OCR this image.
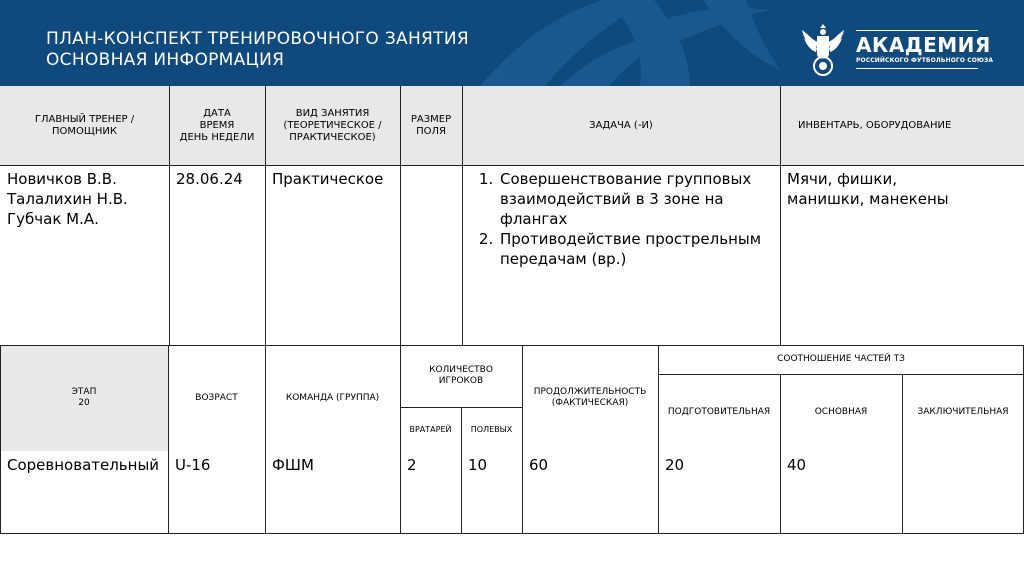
ПЛАН-КОНСПЕКТ ТРЕНИРОВОЧНОГО ЗАНЯТИЯ
ОСНОВНАЯ ИНФОРМАЦИЯ
АКАДЕМИЯ
РОССИЙСКОГО ФУТБОЛЬНОГО СОЮЗА
ГЛАВНЫЙ ТРЕНЕР / ПОМОЩНИК
ДАТА
ВРЕМЯ
ДЕНЬ НЕДЕЛИ
ВИД ЗАНЯТИЯ
(ТЕОРЕТИЧЕСКОЕ /
ПРАКТИЧЕСКОЕ)
РАЗМЕР
ПОЛЯ
ЗАДАЧА (-И)	ИНВЕНТАРЬ, ОБОРУДОВАНИЕ
Новичков В.В.
Талалихин Н.В.
Губчак М.А.
28.06.24	Практическое
1.	Совершенствование групповых взаимодействий в 3 зоне на флангах
2. Противодействие прострельным передачам (вр.)
Мячи, фишки, манишки, манекены
ЭТАП
20
ВОЗРАСТ	КОМАНДА (ГРУППА)
КОЛИЧЕСТВО ИГРОКОВ
ВРАТАРЕЙ ПОЛЕВЫХ
ПРОДОЛЖИТЕЛЬНОСТЬ
(ФАКТИЧЕСКАЯ)
СООТНОШЕНИЕ ЧАСТЕЙ ТЗ
ПОДГОТОВИТЕЛЬНАЯ	ОСНОВНАЯ	ЗАКЛЮЧИТЕЛЬНАЯ
Соревновательный	U-16	ФШМ	2	10	60	20	40
